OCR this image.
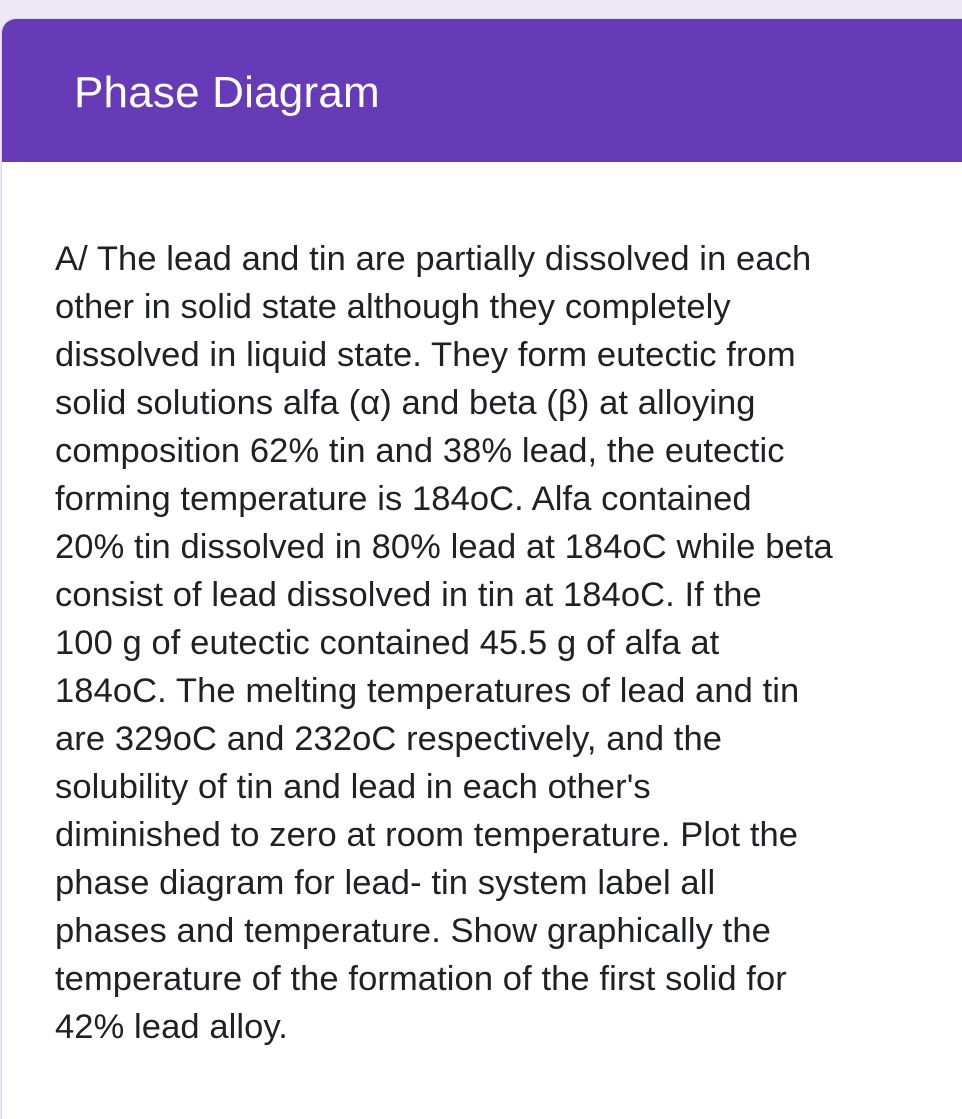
Phase Diagram

A/ The lead and tin are partially dissolved in each
other in solid state although they completely
dissolved in liquid state. They form eutectic from
solid solutions alfa (α) and beta (β) at alloying
composition 62% tin and 38% lead, the eutectic
forming temperature is 184oC. Alfa contained
20% tin dissolved in 80% lead at 184oC while beta
consist of lead dissolved in tin at 184oC. If the
100 g of eutectic contained 45.5 g of alfa at
184oC. The melting temperatures of lead and tin
are 329oC and 232oC respectively, and the
solubility of tin and lead in each other's
diminished to zero at room temperature. Plot the
phase diagram for lead- tin system label all
phases and temperature. Show graphically the
temperature of the formation of the first solid for
42% lead alloy.
